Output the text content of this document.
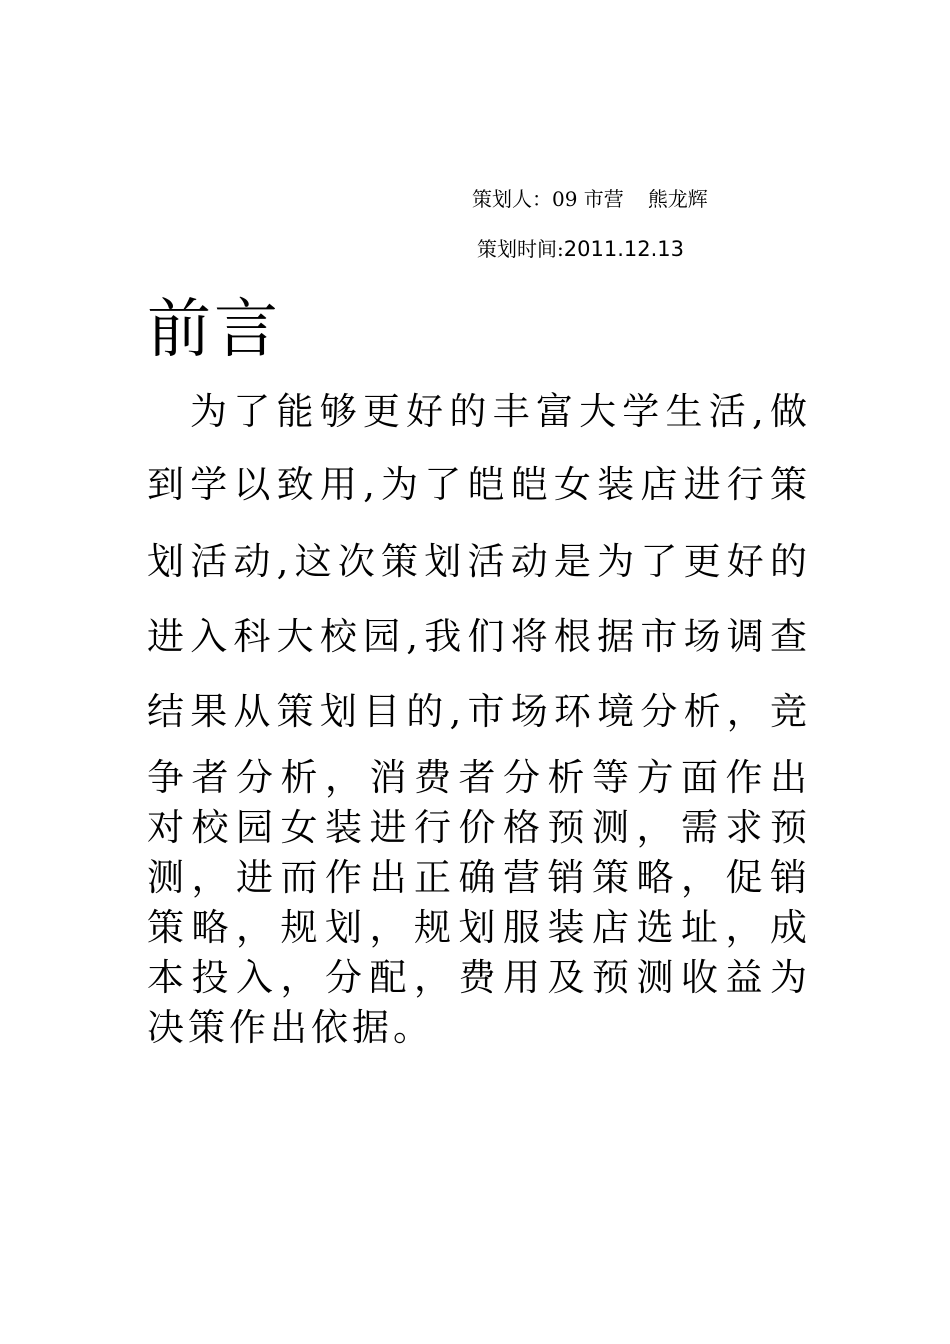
策划人：09 市营 熊龙辉
策划时间:2011.12.13
前言
为了能够更好的丰富大学生活,做
到学以致用,为了皑皑女装店进行策
划活动,这次策划活动是为了更好的
进入科大校园,我们将根据市场调查
结果从策划目的,市场环境分析，竞
争者分析，消费者分析等方面作出
对校园女装进行价格预测，需求预
测，进而作出正确营销策略，促销
策略，规划，规划服装店选址，成
本投入，分配，费用及预测收益为
决策作出依据。
